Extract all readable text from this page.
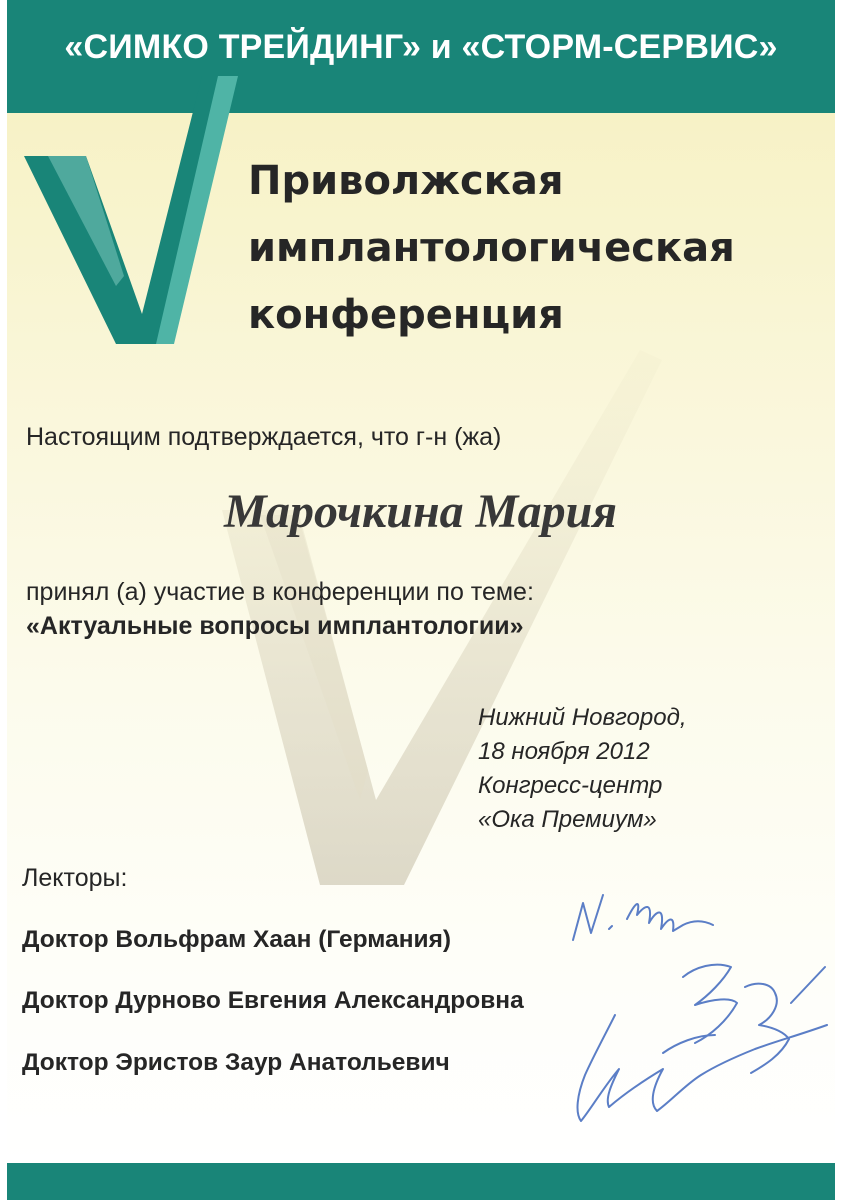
«СИМКО ТРЕЙДИНГ» и «СТОРМ-СЕРВИС»
Приволжская
имплантологическая
конференция

Настоящим подтверждается, что г-н (жа)

Марочкина Мария

принял (а) участие в конференции по теме:

«Актуальные вопросы имплантологии»

Нижний Новгород,
18 ноября 2012
Конгресс-центр
«Ока Премиум»

Лекторы:

Доктор Вольфрам Хаан (Германия)

Доктор Дурново Евгения Александровна

Доктор Эристов Заур Анатольевич
